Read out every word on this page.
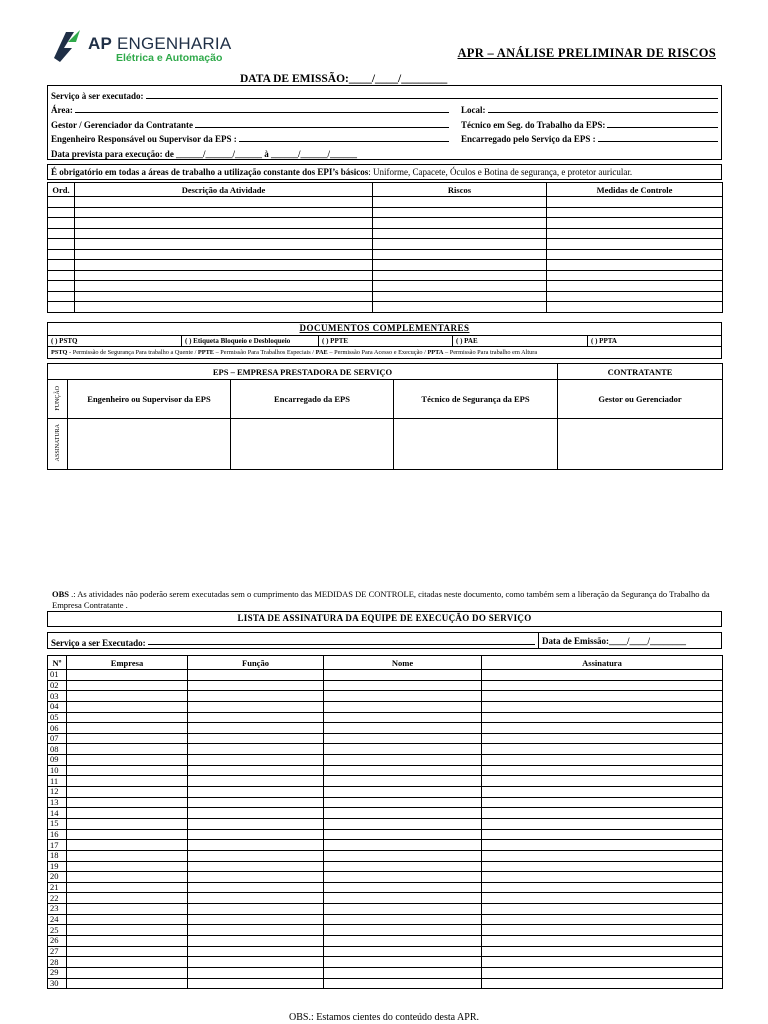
AP ENGENHARIA
Elétrica e Automação	APR – ANÁLISE PRELIMINAR DE RISCOS
DATA DE EMISSÃO:____/____/________
Serviço à ser executado:
Área:	Local:
Gestor / Gerenciador da Contratante	Técnico em Seg. do Trabalho da EPS:
Engenheiro Responsável ou Supervisor da EPS :	Encarregado pelo Serviço da EPS :
Data prevista para execução: de ______/______/______ à ______/______/______
É obrigatório em todas a áreas de trabalho a utilização constante dos EPI’s básicos: Uniforme, Capacete, Óculos e Botina de segurança, e protetor auricular.
Ord.	Descrição da Atividade	Riscos	Medidas de Controle

DOCUMENTOS COMPLEMENTARES
( ) PSTQ	( ) Etiqueta Bloqueio e Desbloqueio	( ) PPTE	( ) PAE	( ) PPTA
PSTQ - Permissão de Segurança Para trabalho a Quente / PPTE – Permissão Para Trabalhos Especiais / PAE – Permissão Para Acesso e Execução / PPTA – Permissão Para trabalho em Altura
EPS – EMPRESA PRESTADORA DE SERVIÇO				CONTRATANTE
FUNÇÃO	Engenheiro ou Supervisor da EPS	Encarregado da EPS	Técnico de Segurança da EPS	Gestor ou Gerenciador
ASSINATURA				
OBS .: As atividades não poderão serem executadas sem o cumprimento das MEDIDAS DE CONTROLE, citadas neste documento, como também sem a liberação da Segurança do Trabalho da Empresa Contratante .
LISTA DE ASSINATURA DA EQUIPE DE EXECUÇÃO DO SERVIÇO
Serviço a ser Executado:	Data de Emissão:____/____/________
Nº	Empresa	Função	Nome	Assinatura
01				
02				
03				
04				
05				
06				
07				
08				
09				
10				
11				
12				
13				
14				
15				
16				
17				
18				
19				
20				
21				
22				
23				
24				
25				
26				
27				
28				
29				
30				
OBS.: Estamos cientes do conteúdo desta APR.
